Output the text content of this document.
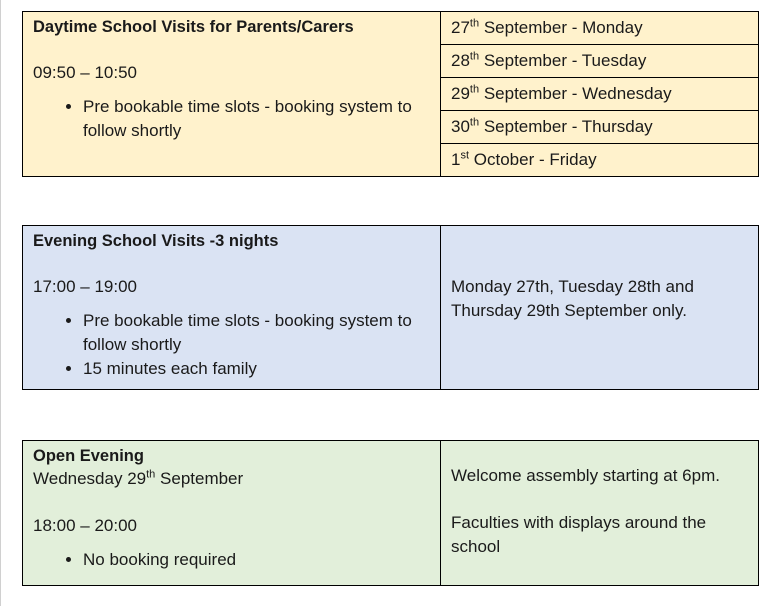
Daytime School Visits for Parents/Carers
09:50 – 10:50
• Pre bookable time slots - booking system to follow shortly

27th September - Monday
28th September - Tuesday
29th September - Wednesday
30th September - Thursday
1st October - Friday
Evening School Visits -3 nights
17:00 – 19:00
• Pre bookable time slots - booking system to follow shortly
• 15 minutes each family

Monday 27th, Tuesday 28th and Thursday 29th September only.
Open Evening
Wednesday 29th September
18:00 – 20:00
• No booking required

Welcome assembly starting at 6pm.
Faculties with displays around the school
